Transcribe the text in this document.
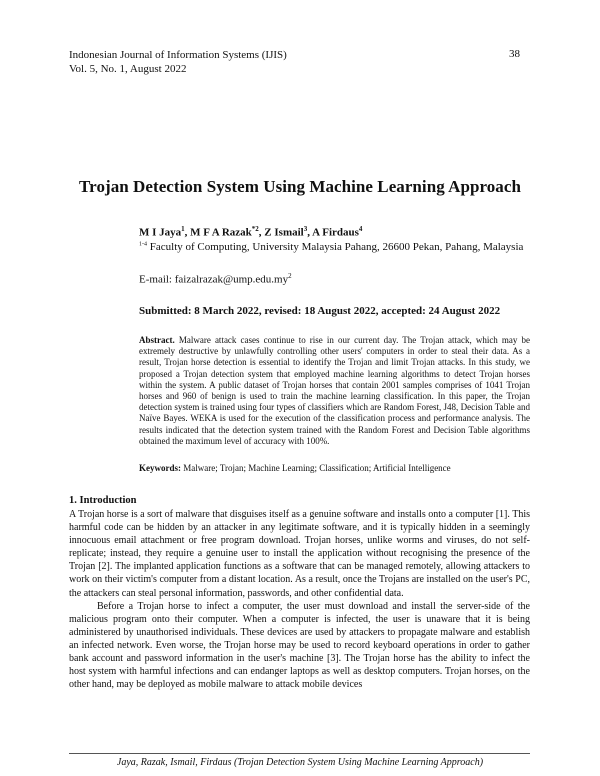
Indonesian Journal of Information Systems (IJIS)
Vol. 5, No. 1, August 2022
38
Trojan Detection System Using Machine Learning Approach
M I Jaya$^1$, M F A Razak$^{*2}$, Z Ismail$^3$, A Firdaus$^4$
$^{1-4}$ Faculty of Computing, University Malaysia Pahang, 26600 Pekan, Pahang, Malaysia
E-mail: $faizalrazak@ump.edu.my^2$
Submitted: 8 March 2022, revised: 18 August 2022, accepted: 24 August 2022
Abstract. Malware attack cases continue to rise in our current day. The Trojan attack, which may be extremely destructive by unlawfully controlling other users' computers in order to steal their data. As a result, Trojan horse detection is essential to identify the Trojan and limit Trojan attacks. In this study, we proposed a Trojan detection system that employed machine learning algorithms to detect Trojan horses within the system. A public dataset of Trojan horses that contain 2001 samples comprises of 1041 Trojan horses and 960 of benign is used to train the machine learning classification. In this paper, the Trojan detection system is trained using four types of classifiers which are Random Forest, J48, Decision Table and Naïve Bayes. WEKA is used for the execution of the classification process and performance analysis. The results indicated that the detection system trained with the Random Forest and Decision Table algorithms obtained the maximum level of accuracy with 100%.
Keywords: Malware; Trojan; Machine Learning; Classification; Artificial Intelligence
1. Introduction

A Trojan horse is a sort of malware that disguises itself as a genuine software and installs onto a computer [1]. This harmful code can be hidden by an attacker in any legitimate software, and it is typically hidden in a seemingly innocuous email attachment or free program download. Trojan horses, unlike worms and viruses, do not self-replicate; instead, they require a genuine user to install the application without recognising the presence of the Trojan [2]. The implanted application functions as a software that can be managed remotely, allowing attackers to work on their victim's computer from a distant location. As a result, once the Trojans are installed on the user's PC, the attackers can steal personal information, passwords, and other confidential data.

Before a Trojan horse to infect a computer, the user must download and install the server-side of the malicious program onto their computer. When a computer is infected, the user is unaware that it is being administered by unauthorised individuals. These devices are used by attackers to propagate malware and establish an infected network. Even worse, the Trojan horse may be used to record keyboard operations in order to gather bank account and password information in the user's machine [3]. The Trojan horse has the ability to infect the host system with harmful infections and can endanger laptops as well as desktop computers. Trojan horses, on the other hand, may be deployed as mobile malware to attack mobile devices

Jaya, Razak, Ismail, Firdaus (Trojan Detection System Using Machine Learning Approach)
